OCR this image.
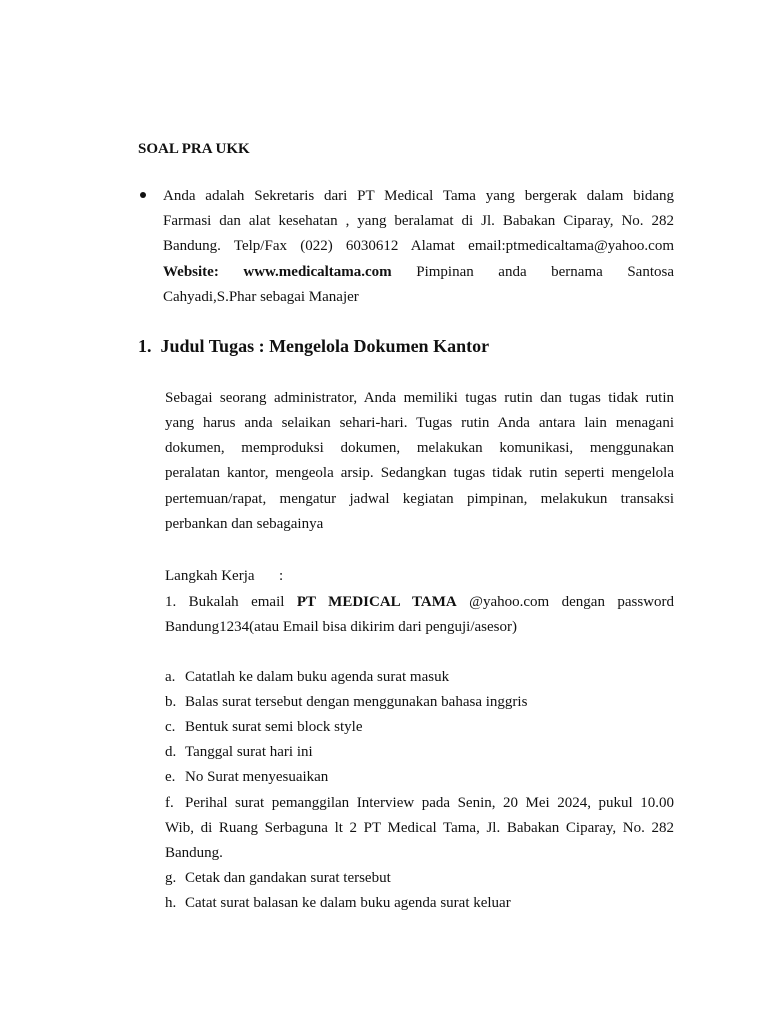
SOAL PRA UKK
Anda adalah Sekretaris dari PT Medical Tama yang bergerak dalam bidang
Farmasi dan alat kesehatan , yang beralamat di Jl. Babakan Ciparay, No. 282
Bandung. Telp/Fax (022) 6030612 Alamat email:ptmedicaltama@yahoo.com
Website: www.medicaltama.com Pimpinan anda bernama Santosa
Cahyadi,S.Phar sebagai Manajer
1. Judul Tugas : Mengelola Dokumen Kantor
Sebagai seorang administrator, Anda memiliki tugas rutin dan tugas tidak rutin
yang harus anda selaikan sehari-hari. Tugas rutin Anda antara lain menagani
dokumen, memproduksi dokumen, melakukan komunikasi, menggunakan
peralatan kantor, mengeola arsip. Sedangkan tugas tidak rutin seperti mengelola
pertemuan/rapat, mengatur jadwal kegiatan pimpinan, melakukun transaksi
perbankan dan sebagainya
Langkah Kerja :
1. Bukalah email PT MEDICAL TAMA @yahoo.com dengan password
Bandung1234(atau Email bisa dikirim dari penguji/asesor)
a. Catatlah ke dalam buku agenda surat masuk
b. Balas surat tersebut dengan menggunakan bahasa inggris
c. Bentuk surat semi block style
d. Tanggal surat hari ini
e. No Surat menyesuaikan
f. Perihal surat pemanggilan Interview pada Senin, 20 Mei 2024, pukul 10.00
Wib, di Ruang Serbaguna lt 2 PT Medical Tama, Jl. Babakan Ciparay, No. 282
Bandung.
g. Cetak dan gandakan surat tersebut
h. Catat surat balasan ke dalam buku agenda surat keluar
